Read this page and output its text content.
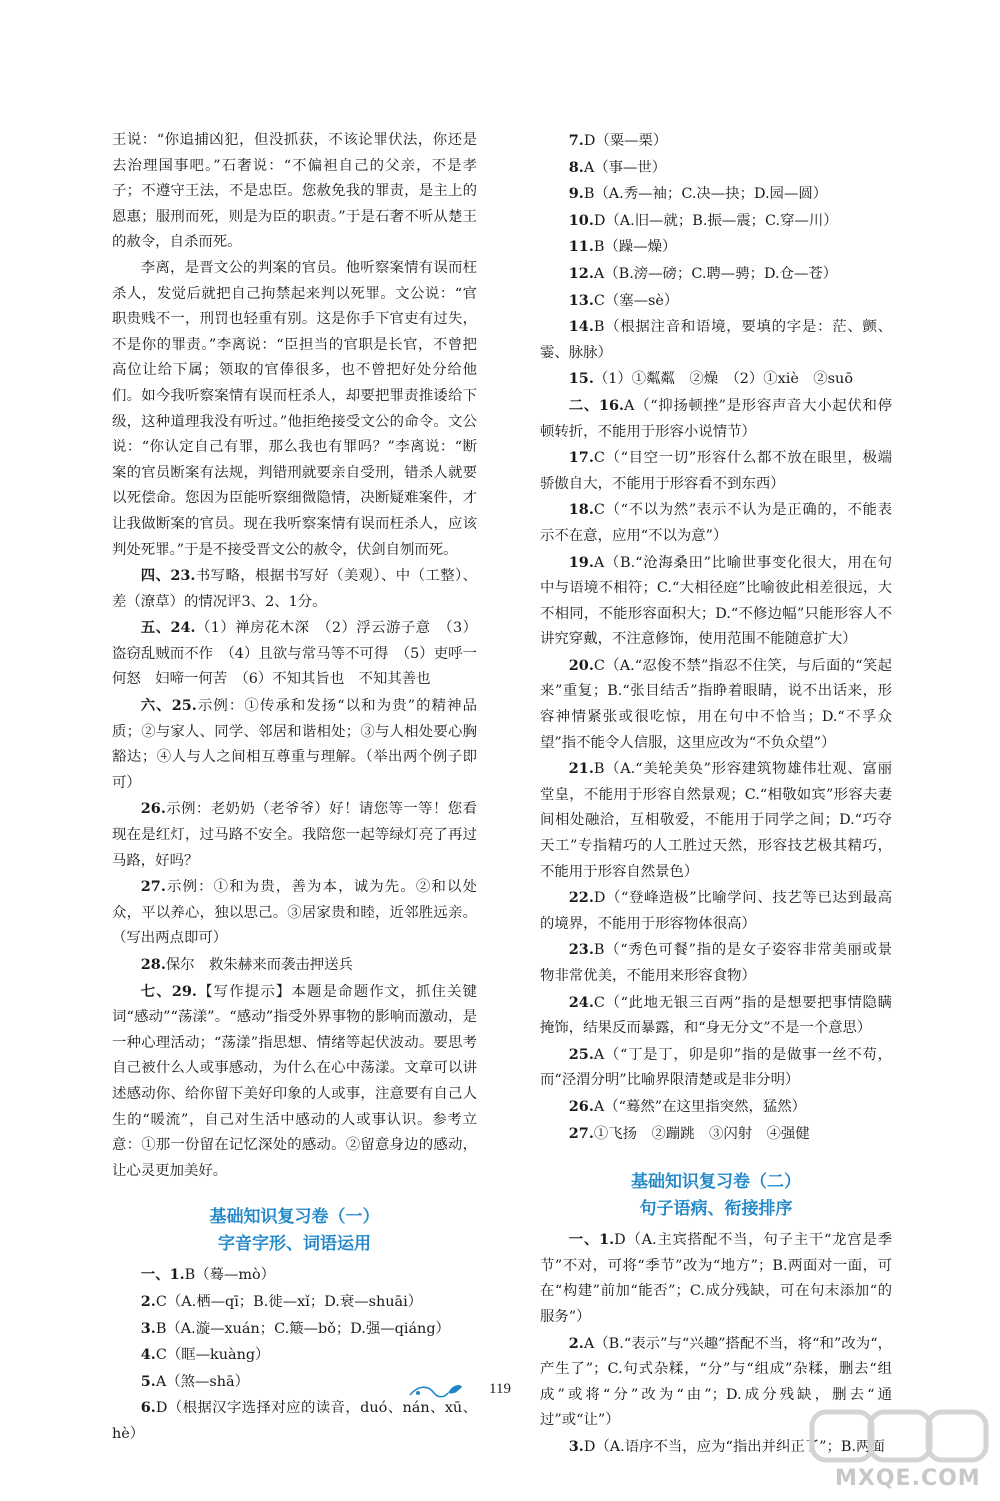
王说：“你追捕凶犯，但没抓获，不该论罪伏法，你还是去治理国事吧。”石奢说：“不偏袒自己的父亲，不是孝子；不遵守王法，不是忠臣。您赦免我的罪责，是主上的恩惠；服刑而死，则是为臣的职责。”于是石奢不听从楚王的赦令，自杀而死。

李离，是晋文公的判案的官员。他听察案情有误而枉杀人，发觉后就把自己拘禁起来判以死罪。文公说：“官职贵贱不一，刑罚也轻重有别。这是你手下官吏有过失，不是你的罪责。”李离说：“臣担当的官职是长官，不曾把高位让给下属；领取的官俸很多，也不曾把好处分给他们。如今我听察案情有误而枉杀人，却要把罪责推诿给下级，这种道理我没有听过。”他拒绝接受文公的命令。文公说：“你认定自己有罪，那么我也有罪吗？”李离说：“断案的官员断案有法规，判错刑就要亲自受刑，错杀人就要以死偿命。您因为臣能听察细微隐情，决断疑难案件，才让我做断案的官员。现在我听察案情有误而枉杀人，应该判处死罪。”于是不接受晋文公的赦令，伏剑自刎而死。

四、23.书写略，根据书写好（美观）、中（工整）、差（潦草）的情况评3、2、1分。

五、24.（1）禅房花木深　（2）浮云游子意　（3）盗窃乱贼而不作　（4）且欲与常马等不可得　（5）吏呼一何怒　妇啼一何苦　（6）不知其旨也　不知其善也

六、25.示例：①传承和发扬“以和为贵”的精神品质；②与家人、同学、邻居和谐相处；③与人相处要心胸豁达；④人与人之间相互尊重与理解。（举出两个例子即可）

26.示例：老奶奶（老爷爷）好！请您等一等！您看现在是红灯，过马路不安全。我陪您一起等绿灯亮了再过马路，好吗？

27.示例：①和为贵，善为本，诚为先。②和以处众，平以养心，独以思己。③居家贵和睦，近邻胜远亲。（写出两点即可）

28.保尔　救朱赫来而袭击押送兵

七、29.【写作提示】本题是命题作文，抓住关键词“感动”“荡漾”。“感动”指受外界事物的影响而激动，是一种心理活动；“荡漾”指思想、情绪等起伏波动。要思考自己被什么人或事感动，为什么在心中荡漾。文章可以讲述感动你、给你留下美好印象的人或事，注意要有自己人生的“暖流”，自己对生活中感动的人或事认识。参考立意：①那一份留在记忆深处的感动。②留意身边的感动，让心灵更加美好。

基础知识复习卷（一）

字音字形、词语运用

一、1.B（蓦—mò）

2.C（A.栖—qī；B.徙—xǐ；D.衰—shuāi）

3.B（A.漩—xuán；C.簸—bǒ；D.强—qiáng）

4.C（眶—kuàng）

5.A（煞—shā）

6.D（根据汉字选择对应的读音，duó、nán、xū、hè）

7.D（粟—栗）

8.A（事—世）

9.B（A.秀—袖；C.决—抉；D.园—圆）

10.D（A.旧—就；B.振—震；C.穿—川）

11.B（躁—燥）

12.A（B.滂—磅；C.聘—骋；D.仓—苍）

13.C（塞—sè）

14.B（根据注音和语境，要填的字是：茫、颤、霎、脉脉）

15.（1）①粼粼　②燥　（2）①xiè　②suō

二、16.A（“抑扬顿挫”是形容声音大小起伏和停顿转折，不能用于形容小说情节）

17.C（“目空一切”形容什么都不放在眼里，极端骄傲自大，不能用于形容看不到东西）

18.C（“不以为然”表示不认为是正确的，不能表示不在意，应用“不以为意”）

19.A（B.“沧海桑田”比喻世事变化很大，用在句中与语境不相符；C.“大相径庭”比喻彼此相差很远，大不相同，不能形容面积大；D.“不修边幅”只能形容人不讲究穿戴，不注意修饰，使用范围不能随意扩大）

20.C（A.“忍俊不禁”指忍不住笑，与后面的“笑起来”重复；B.“张目结舌”指睁着眼睛，说不出话来，形容神情紧张或很吃惊，用在句中不恰当；D.“不孚众望”指不能令人信服，这里应改为“不负众望”）

21.B（A.“美轮美奂”形容建筑物雄伟壮观、富丽堂皇，不能用于形容自然景观；C.“相敬如宾”形容夫妻间相处融洽，互相敬爱，不能用于同学之间；D.“巧夺天工”专指精巧的人工胜过天然，形容技艺极其精巧，不能用于形容自然景色）

22.D（“登峰造极”比喻学问、技艺等已达到最高的境界，不能用于形容物体很高）

23.B（“秀色可餐”指的是女子姿容非常美丽或景物非常优美，不能用来形容食物）

24.C（“此地无银三百两”指的是想要把事情隐瞒掩饰，结果反而暴露，和“身无分文”不是一个意思）

25.A（“丁是丁，卯是卯”指的是做事一丝不苟，而“泾渭分明”比喻界限清楚或是非分明）

26.A（“蓦然”在这里指突然，猛然）

27.①飞扬　②蹦跳　③闪射　④强健

基础知识复习卷（二）

句子语病、衔接排序

一、1.D（A.主宾搭配不当，句子主干“龙宫是季节”不对，可将“季节”改为“地方”；B.两面对一面，可在“构建”前加“能否”；C.成分残缺，可在句末添加“的服务”）

2.A（B.“表示”与“兴趣”搭配不当，将“和”改为“，产生了”；C.句式杂糅，“分”与“组成”杂糅，删去“组成”或将“分”改为“由”；D.成分残缺，删去“通过”或“让”）

3.D（A.语序不当，应为“指出并纠正了”；B.两面

119
MXQE.COM
